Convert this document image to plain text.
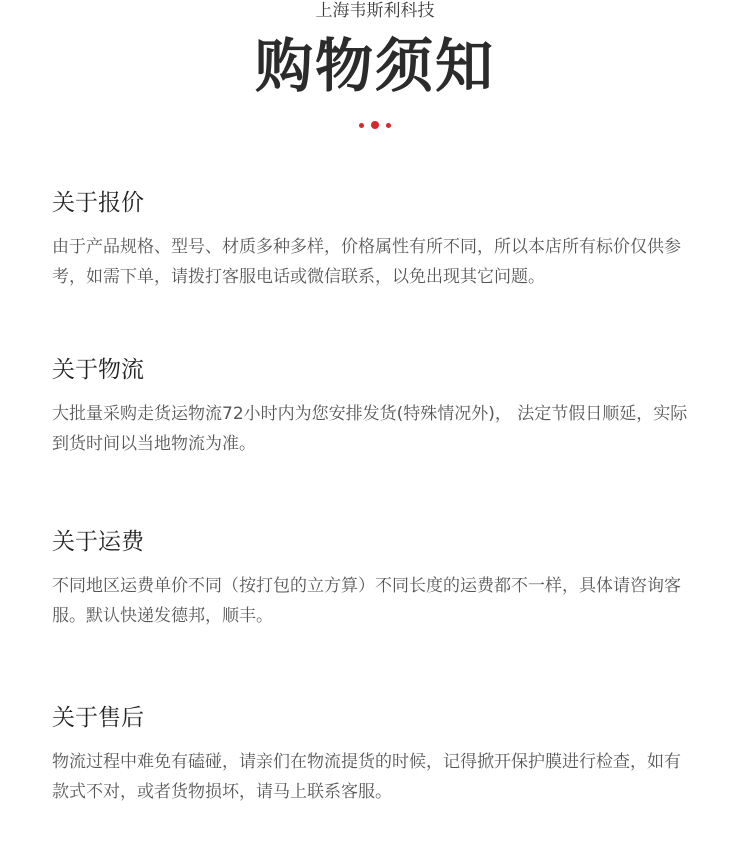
上海韦斯利科技
购物须知
关于报价

由于产品规格、型号、材质多种多样，价格属性有所不同，所以本店所有标价仅供参考，如需下单，请拨打客服电话或微信联系，以免出现其它问题。

关于物流

大批量采购走货运物流72小时内为您安排发货(特殊情况外)， 法定节假日顺延，实际到货时间以当地物流为准。

关于运费

不同地区运费单价不同（按打包的立方算）不同长度的运费都不一样，具体请咨询客服。默认快递发德邦，顺丰。

关于售后

物流过程中难免有磕碰，请亲们在物流提货的时候，记得掀开保护膜进行检查，如有款式不对，或者货物损坏，请马上联系客服。
